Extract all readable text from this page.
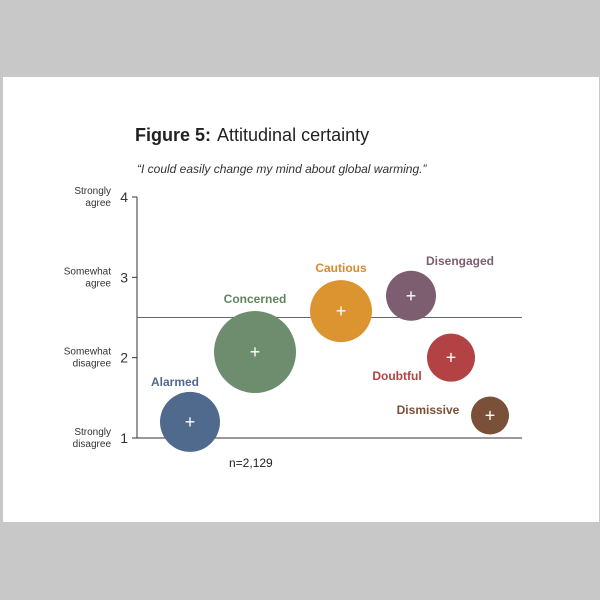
Figure 5: Attitudinal certainty
“I could easily change my mind about global warming.”
4
Strongly
agree
3
Somewhat
agree
2
Somewhat
disagree
1
Strongly
disagree
+
Alarmed
+
Concerned
+
Cautious
+
Disengaged
+
Doubtful
+
Dismissive
n=2,129
